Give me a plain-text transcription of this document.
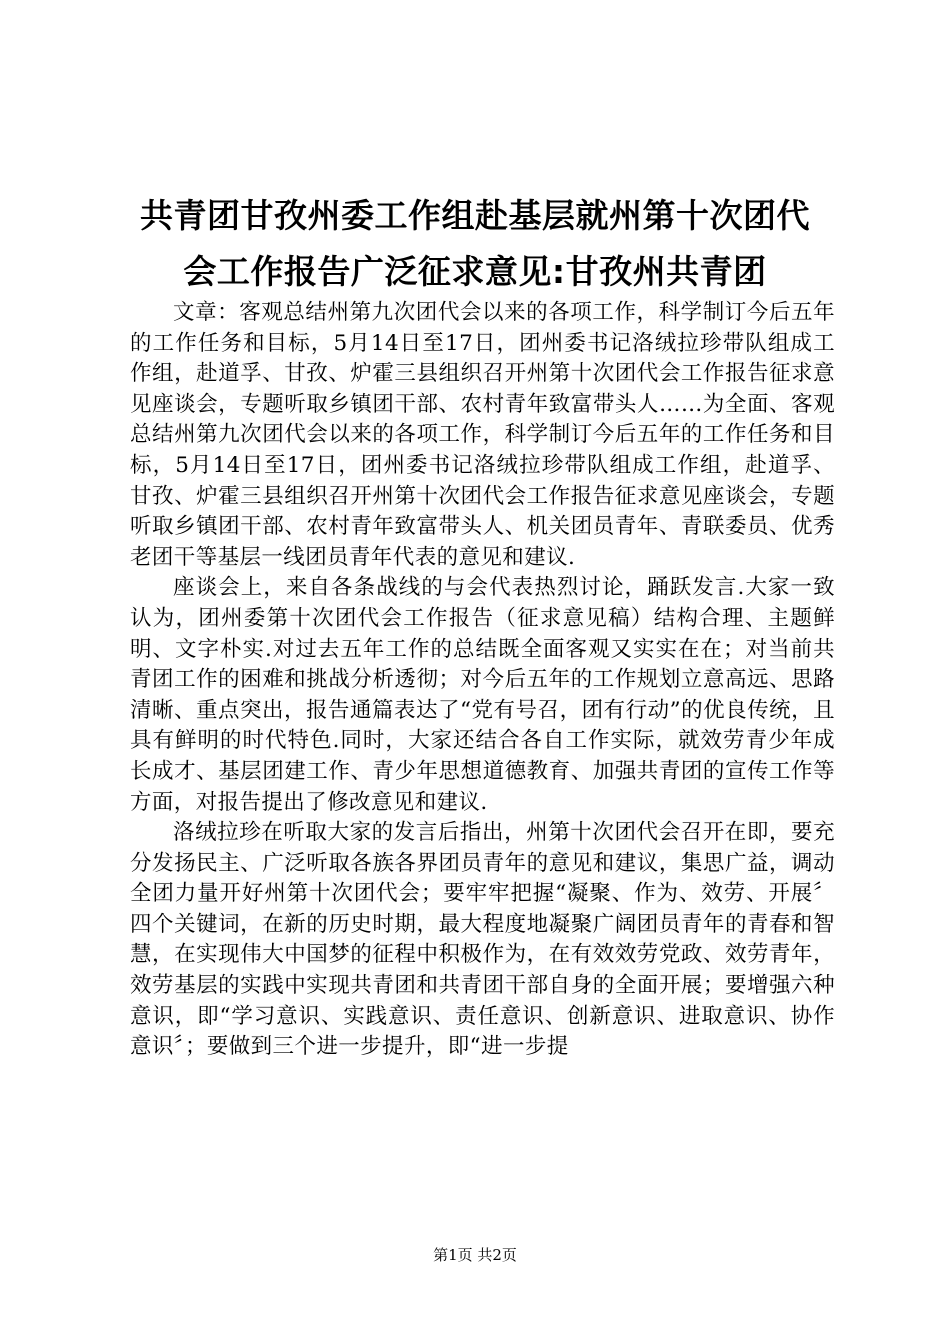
共青团甘孜州委工作组赴基层就州第十次团代
会工作报告广泛征求意见:甘孜州共青团

文章：客观总结州第九次团代会以来的各项工作，科学制订今后五年的工作任务和目标，5月14日至17日，团州委书记洛绒拉珍带队组成工作组，赴道孚、甘孜、炉霍三县组织召开州第十次团代会工作报告征求意见座谈会，专题听取乡镇团干部、农村青年致富带头人……为全面、客观总结州第九次团代会以来的各项工作，科学制订今后五年的工作任务和目标，5月14日至17日，团州委书记洛绒拉珍带队组成工作组，赴道孚、甘孜、炉霍三县组织召开州第十次团代会工作报告征求意见座谈会，专题听取乡镇团干部、农村青年致富带头人、机关团员青年、青联委员、优秀老团干等基层一线团员青年代表的意见和建议.

座谈会上，来自各条战线的与会代表热烈讨论，踊跃发言.大家一致认为，团州委第十次团代会工作报告（征求意见稿）结构合理、主题鲜明、文字朴实.对过去五年工作的总结既全面客观又实实在在；对当前共青团工作的困难和挑战分析透彻；对今后五年的工作规划立意高远、思路清晰、重点突出，报告通篇表达了“党有号召，团有行动”的优良传统，且具有鲜明的时代特色.同时，大家还结合各自工作实际，就效劳青少年成长成才、基层团建工作、青少年思想道德教育、加强共青团的宣传工作等方面，对报告提出了修改意见和建议.

洛绒拉珍在听取大家的发言后指出，州第十次团代会召开在即，要充分发扬民主、广泛听取各族各界团员青年的意见和建议，集思广益，调动全团力量开好州第十次团代会；要牢牢把握“凝聚、作为、效劳、开展〞四个关键词，在新的历史时期，最大程度地凝聚广阔团员青年的青春和智慧，在实现伟大中国梦的征程中积极作为，在有效效劳党政、效劳青年，效劳基层的实践中实现共青团和共青团干部自身的全面开展；要增强六种意识，即“学习意识、实践意识、责任意识、创新意识、进取意识、协作意识〞；要做到三个进一步提升，即“进一步提

第1页 共2页
